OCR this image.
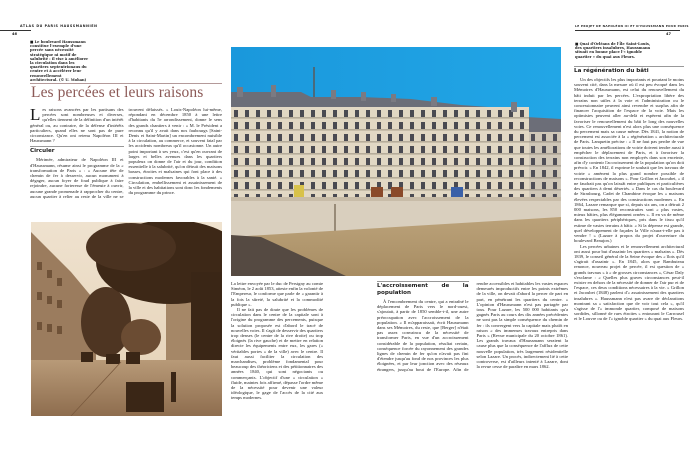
ATLAS DU PARIS HAUSSMANNIEN
46
■ Le boulevard Haussmann constitue l'exemple d'une percée sans nécessité stratégique ni motif de salubrité : il vise à améliorer la circulation dans les quartiers septentrionaux du centre et à accélérer leur renouvellement architectural. (© U. Mohan)
Les percées et leurs raisons

Les raisons avancées par les partisans des percées sont nombreuses et diverses, qu'elles tiennent de la définition d'un intérêt général ou, au contraire, de la défense d'intérêts particuliers, quand elles ne sont pas de pure circonstance. Qu'en ont retenu Napoléon III et Haussmann ?

Circuler

Mérimée, admirateur de Napoléon III et d'Haussmann, résume ainsi le programme de la « transformation de Paris » : « Aucune tête de chemin de fer à desservir, aucun monument à dégager, aucun foyer de foud publique à faire rejoindre, aucune forteresse de l'émeute à ouvrir, aucune grande promenade à rapprocher du centre, aucun quartier à relier au reste de la ville ne se trouvent délaissés. » Louis-Napoléon lui-même, répondant en décembre 1850 à une lettre d'habitants du 5e arrondissement, donne le sens des grands chantiers à venir : « M. le Président a reconnu qu'il y avait dans nos faubourgs [Saint-Denis et Saint-Martin] un encombrement nuisible à la circulation, au commerce, et souvent fatal par les accidents nombreux qu'il occasionne. Un autre point important à ses yeux, c'est qu'en ouvrant de larges et belles avenues dans les quartiers populeux on donne de l'air et du jour, condition essentielle à la salubrité, qu'on détruit des maisons basses, étroites et malsaines qui font place à des constructions modernes favorables à la santé. » Circulation, embellissement et assainissement de la ville et des habitations sont donc les fondements du programme du prince.

La lettre envoyée par le duc de Persigny au comte Siméon, le 2 août 1853, atteste enfin la volonté de l'Empereur, le conforme que parle de « garantir à la fois la sûreté, la salubrité et la commodité publique ».

Il ne fait pas de doute que les problèmes de circulation dans le centre de la capitale sont à l'origine du programme des percements, puisque la solution proposée est d'abord le tracé de nouvelles voies. Il s'agit de desservir des quartiers trop denses (le centre de la rive droite) ou trop éloignés (la rive gauche) et de mettre en relation directe les équipements entre eux, les gares (« véritables portes » de la ville) avec le centre. Il faut aussi faciliter la circulation des marchandises, problème fondamental pour beaucoup des théoriciens et des pétitionnaires des années 1840, qui sont négociants ou commerçants. L'objectif d'une « circulation » fluide, maintes fois affirmé, dépasse l'ordre même de la nécessité pour devenir une valeur idéologique, le gage de l'accès de la cité aux temps modernes.

L'accroissement de la population

À l'encombrement du centre, qui a entraîné le déplacement de Paris vers le nord-ouest, s'ajoutait, à partir de 1850 semble-t-il, une autre préoccupation avec l'accroissement de la population. « Il m'apparaissait, écrit Haussmann dans ses Mémoires, du reste, que [Berger] n'était pas assez convaincu de la nécessité de transformer Paris, en vue d'un accroissement considérable de la population, résultat certain, conséquence forcée du rayonnement des grandes lignes de chemin de fer qu'on n'avait pas fini d'étendre jusqu'au fond de nos provinces les plus éloignées, et par leur jonction avec des réseaux étrangers, jusqu'au bout de l'Europe. Afin de rendre accessibles et habitables les vastes espaces demeurés improductifs entre les points extrêmes de la ville, on devait d'abord la percer de part en part, en pénétrant les quartiers du centre. » L'opinion d'Haussmann n'est pas partagée par tous. Pour Lazare, les 500 000 habitants qu'a gagnés Paris au cours des dix années précédentes ne sont pas la simple conséquence du chemin de fer : ils convergent vers la capitale mais plutôt en raison « des immenses travaux entrepris dans Paris » (Revue municipale du 20 octobre 1861). Les grands travaux d'Haussmann seraient la cause plus que la conséquence de l'afflux de cette nouvelle population, très largement résidentielle selon Lazare. Un procès, indirectement lié à cette controverse, est d'ailleurs intenté à Lazare, dont la revue cesse de paraître en mars 1862.

LE PROJET DE NAPOLÉON III ET D'HAUSSMANN POUR PARIS
47
■ Quai d'Orléans de l'Île Saint-Louis, des quartiers insalubres, Haussmann situait en bonne place l'« ignoble quartier » du quai aux Fleurs.
La régénération du bâti

Un des objectifs les plus importants et pourtant le moins souvent cité, dans la mesure où il est peu évoqué dans les Mémoires d'Haussmann, est celui du renouvellement du bâti induit par les percées. L'expropriation libère des terrains non utiles à la voie et l'administration ou le concessionnaire peuvent ainsi revendre et surplus afin de financer l'acquisition de l'espace de la voie. Mais les optimistes peuvent aller au-delà et espèrent afin de la favoriser le renouvellement du bâti le long des nouvelles voies. Ce renouvellement n'est alors plus une conséquence du percement mais sa cause même. Dès 1841, la notion de percement est associée à la « régénération » architecturale de Paris. Lanquetin précise : « Il ne faut pas perdre de vue que toutes les améliorations de voirie doivent tendre aussi à empêcher le déplacement de Paris, et à favoriser la construction des terrains non employés dans son enceinte, afin d'y contenir l'accroissement de la population qu'on doit prévoir. » En 1842, il exprime le souhait que les travaux de voirie « amènent la plus grand nombre possible de reconstructions de maisons ». Pour Grillon et Jacoubet, « il ne faudrait pas qu'on laissât entre publiques et particulières des quartiers à demi désertés. » Dans le cas du boulevard de Strasbourg, Cadet de Chambine évoque les « maisons élevées respectables par des constructions modernes ». En 1864, Lazare remarque que si, depuis six ans, on a détruit 2 000 maisons, les 850 reconstruites sont « plus vastes, mieux bâties, plus élégamment ornées ». Il en va de même dans les quartiers périphériques, pris dans le tissu qu'il estime de vastes terrains à bâtir. « Si la dépense est grande, quel développement de façades la Ville n'aura-t-elle pas à vendre ! » (Lazare à propos du projet d'ouverture du boulevard Beaujon.)

Les percées urbaines et le renouvellement architectural ont aussi pour but d'assainir les quartiers « malsains ». Dès 1839, le conseil général de la Seine évoque des « îlots qu'il s'agirait d'assainir ». En 1845, alors que Rambuteau renonce, nouveau projet de percée, il est question de « grands travaux » à « de grosses circonstances », César Daly s'exclame : « Quelles plus graves circonstances peut-il exister en dehors de la nécessité de donner de l'air pur et de l'espace, ces deux conditions nécessaires à la vie. » Grillon et Jacoubet (1848) parlent d'« assainissement des quartiers insalubres ». Haussmann n'est pas avare de déclarations montrant sa « satisfaction que de voir tout cela », qu'il s'agisse de l'« immonde quartier, composé de maisons sordides, sillonné de rues étroites » entourant le Carrousel et le Louvre ou de l'« ignoble quartier » du quai aux Fleurs.
